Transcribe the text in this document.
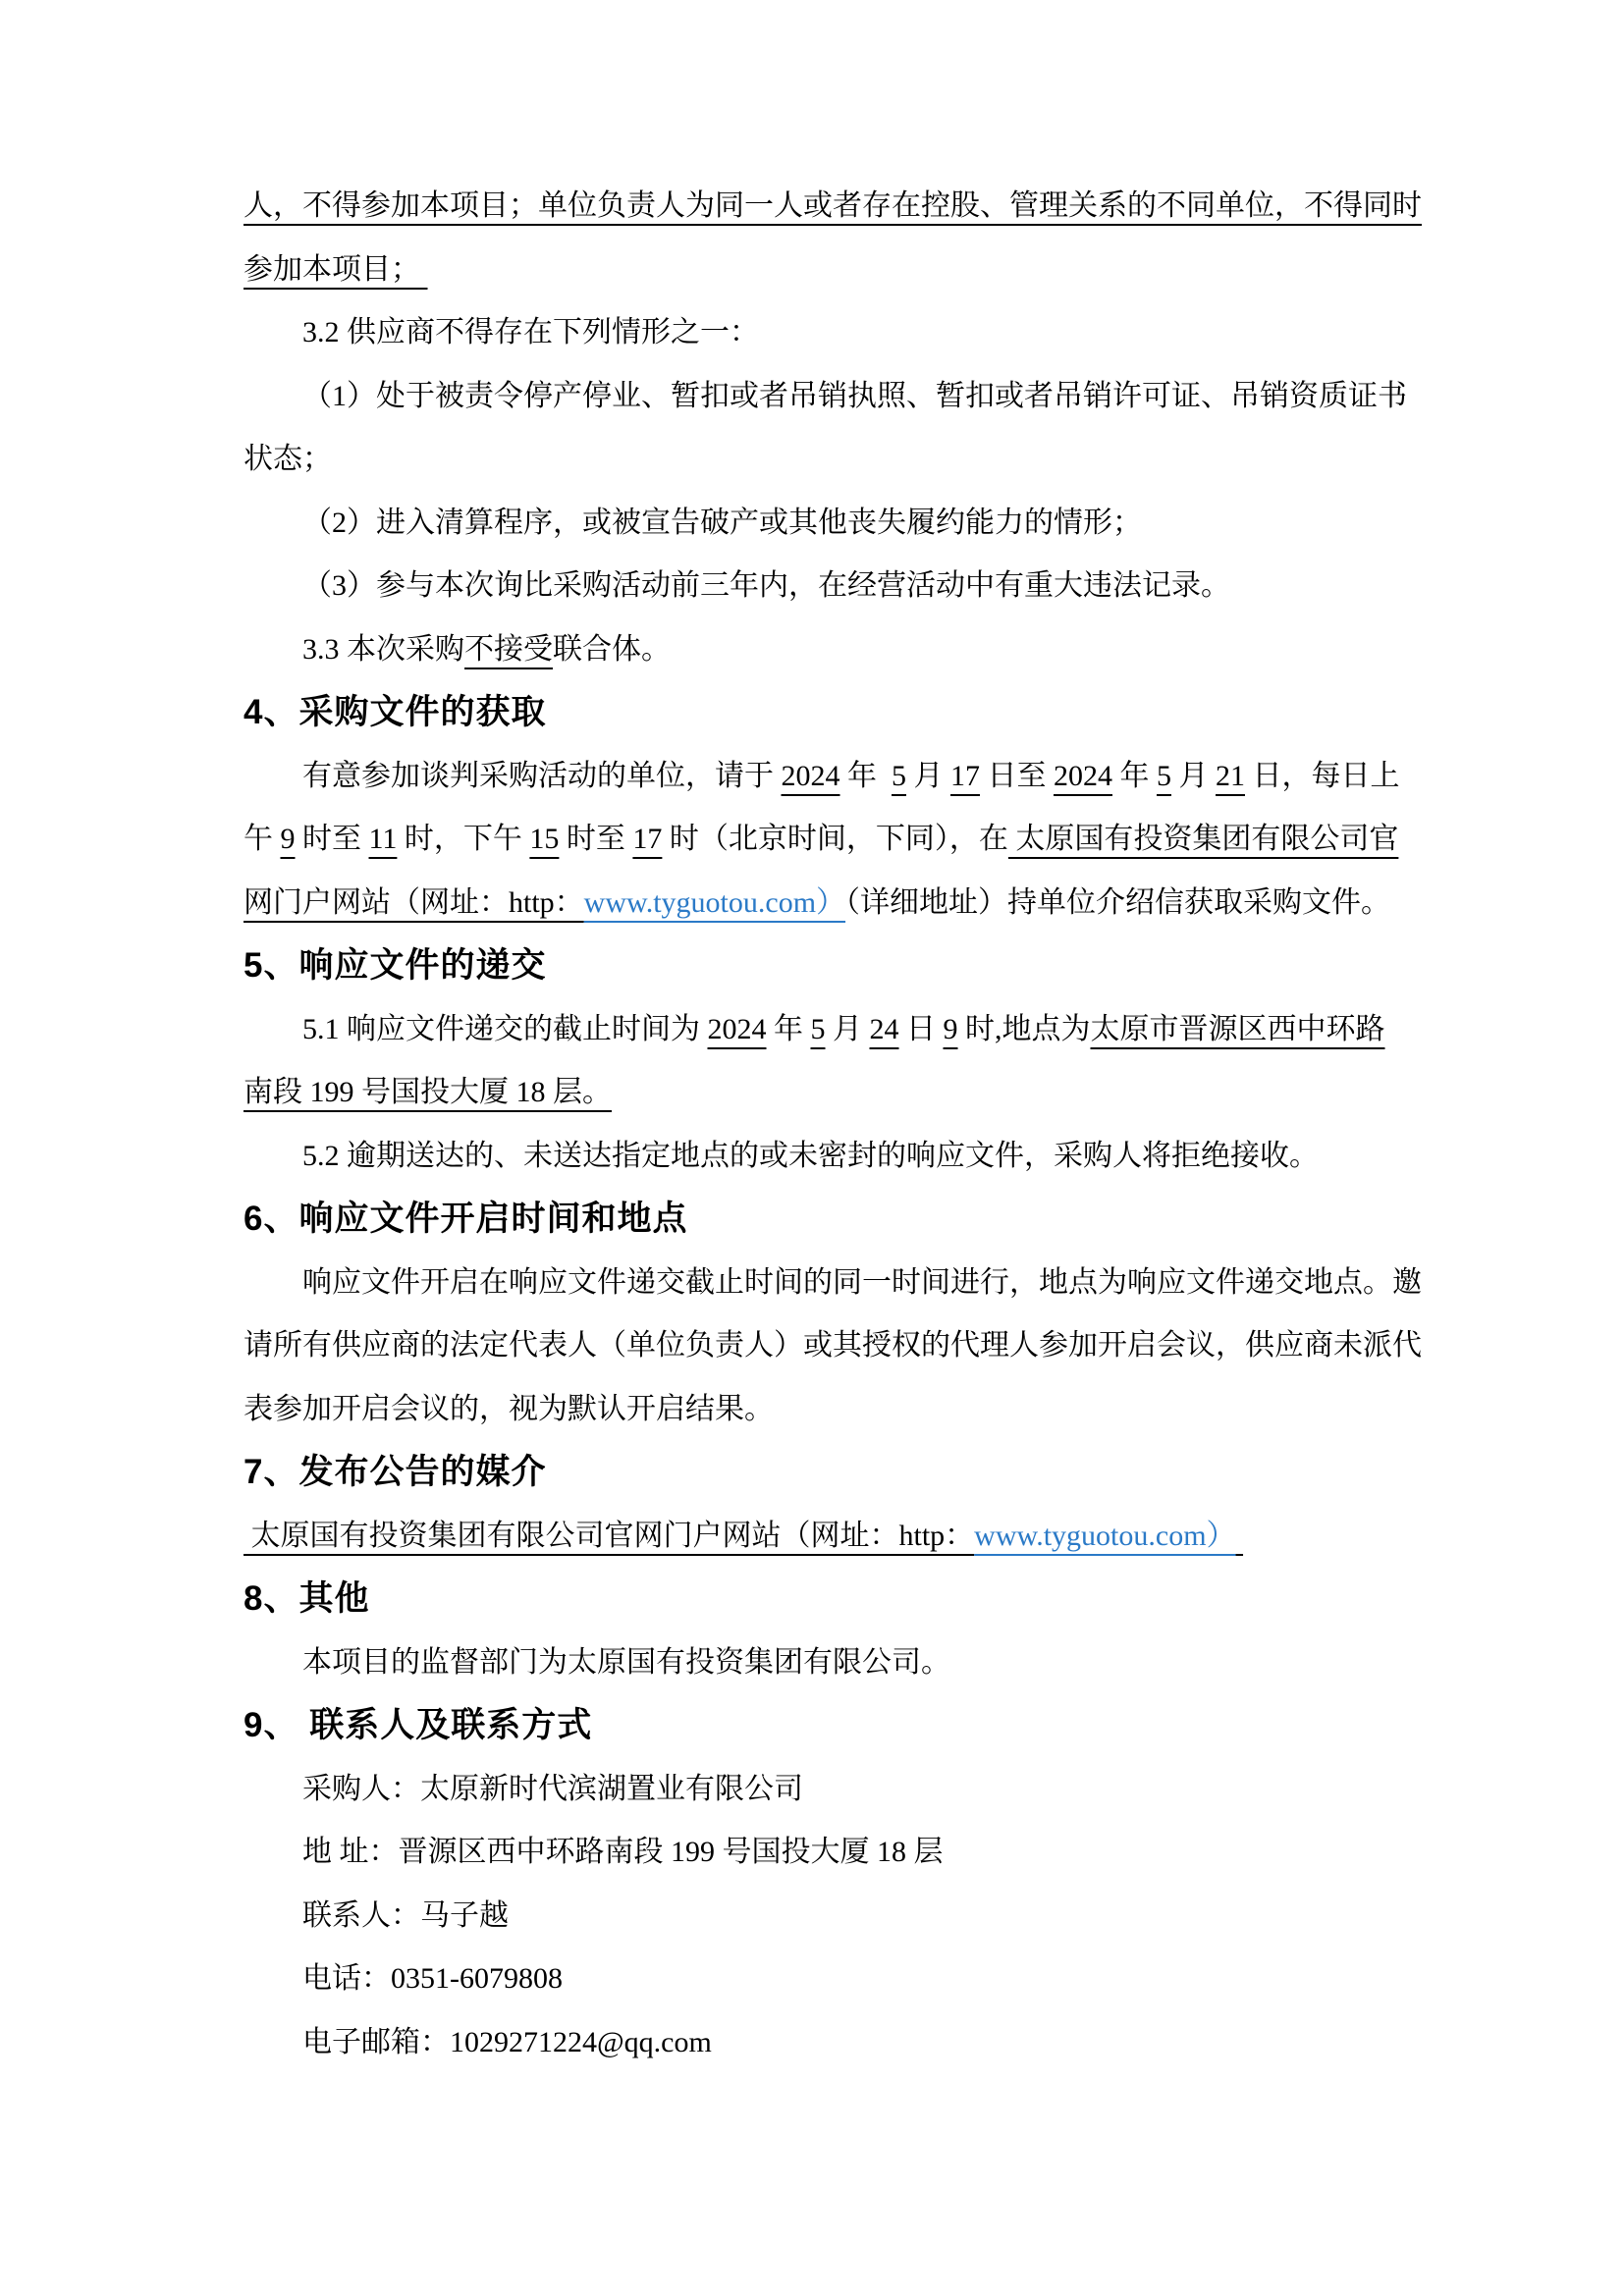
人，不得参加本项目；单位负责人为同一人或者存在控股、管理关系的不同单位，不得同时
参加本项目；
3.2 供应商不得存在下列情形之一：
（1）处于被责令停产停业、暂扣或者吊销执照、暂扣或者吊销许可证、吊销资质证书
状态；
（2）进入清算程序，或被宣告破产或其他丧失履约能力的情形；
（3）参与本次询比采购活动前三年内，在经营活动中有重大违法记录。
3.3 本次采购不接受联合体。
4、采购文件的获取
有意参加谈判采购活动的单位，请于 2024 年  5 月 17 日至 2024 年 5 月 21 日，每日上
午 9 时至 11 时，下午 15 时至 17 时（北京时间，下同），在 太原国有投资集团有限公司官
网门户网站（网址：http：www.tyguotou.com）（详细地址）持单位介绍信获取采购文件。
5、响应文件的递交
5.1 响应文件递交的截止时间为 2024 年 5 月 24 日 9 时,地点为太原市晋源区西中环路
南段 199 号国投大厦 18 层。
5.2 逾期送达的、未送达指定地点的或未密封的响应文件，采购人将拒绝接收。
6、响应文件开启时间和地点
响应文件开启在响应文件递交截止时间的同一时间进行，地点为响应文件递交地点。邀
请所有供应商的法定代表人（单位负责人）或其授权的代理人参加开启会议，供应商未派代
表参加开启会议的，视为默认开启结果。
7、发布公告的媒介
太原国有投资集团有限公司官网门户网站（网址：http：www.tyguotou.com）
8、其他
本项目的监督部门为太原国有投资集团有限公司。
9、 联系人及联系方式
采购人：太原新时代滨湖置业有限公司
地 址：晋源区西中环路南段 199 号国投大厦 18 层
联系人：马子越
电话：0351-6079808
电子邮箱：1029271224@qq.com
